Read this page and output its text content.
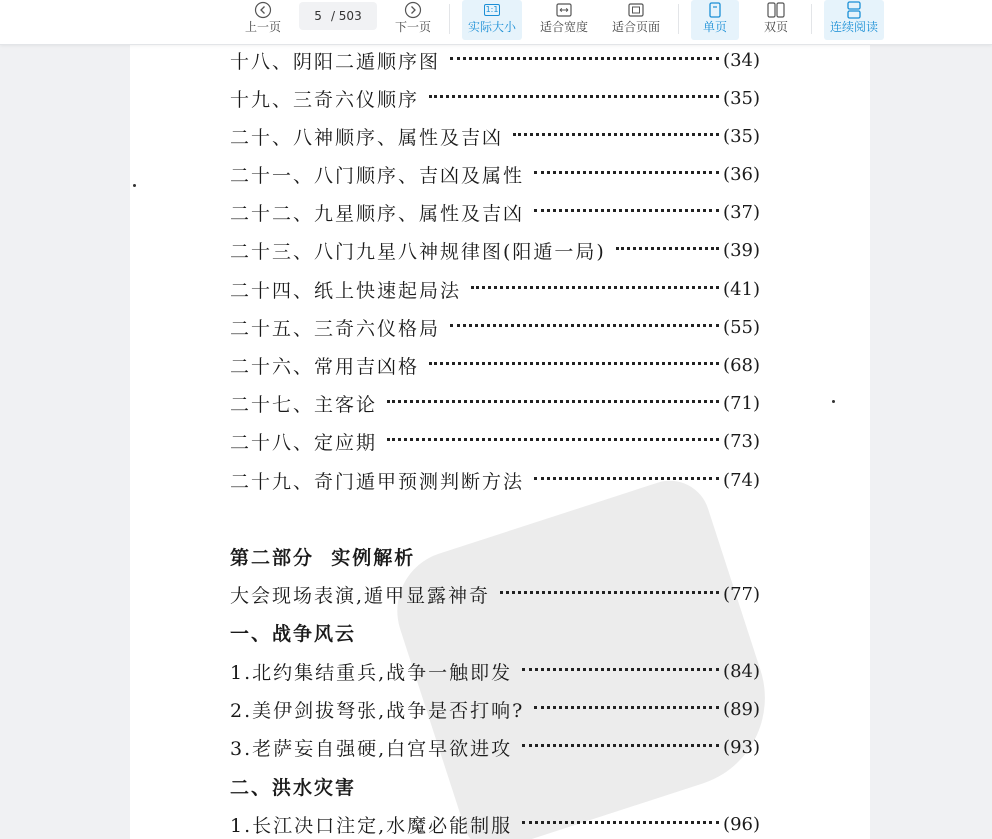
上一页
5 / 503
下一页
1:1
实际大小 适合宽度 适合页面	单页	双页	连续阅读
十八、阴阳二遁顺序图	(34)
十九、三奇六仪顺序	(35)
二十、八神顺序、属性及吉凶	(35)
二十一、八门顺序、吉凶及属性	(36)
二十二、九星顺序、属性及吉凶	(37)
二十三、八门九星八神规律图(阳遁一局)	(39)
二十四、纸上快速起局法	(41)
二十五、三奇六仪格局	(55)
二十六、常用吉凶格	(68)
二十七、主客论	(71)
二十八、定应期	(73)
二十九、奇门遁甲预测判断方法	(74)
第二部分  实例解析
大会现场表演,遁甲显露神奇	(77)
一、战争风云
1.北约集结重兵,战争一触即发	(84)
2.美伊剑拔弩张,战争是否打响?	(89)
3.老萨妄自强硬,白宫早欲进攻	(93)
二、洪水灾害
1.长江决口注定,水魔必能制服	(96)
